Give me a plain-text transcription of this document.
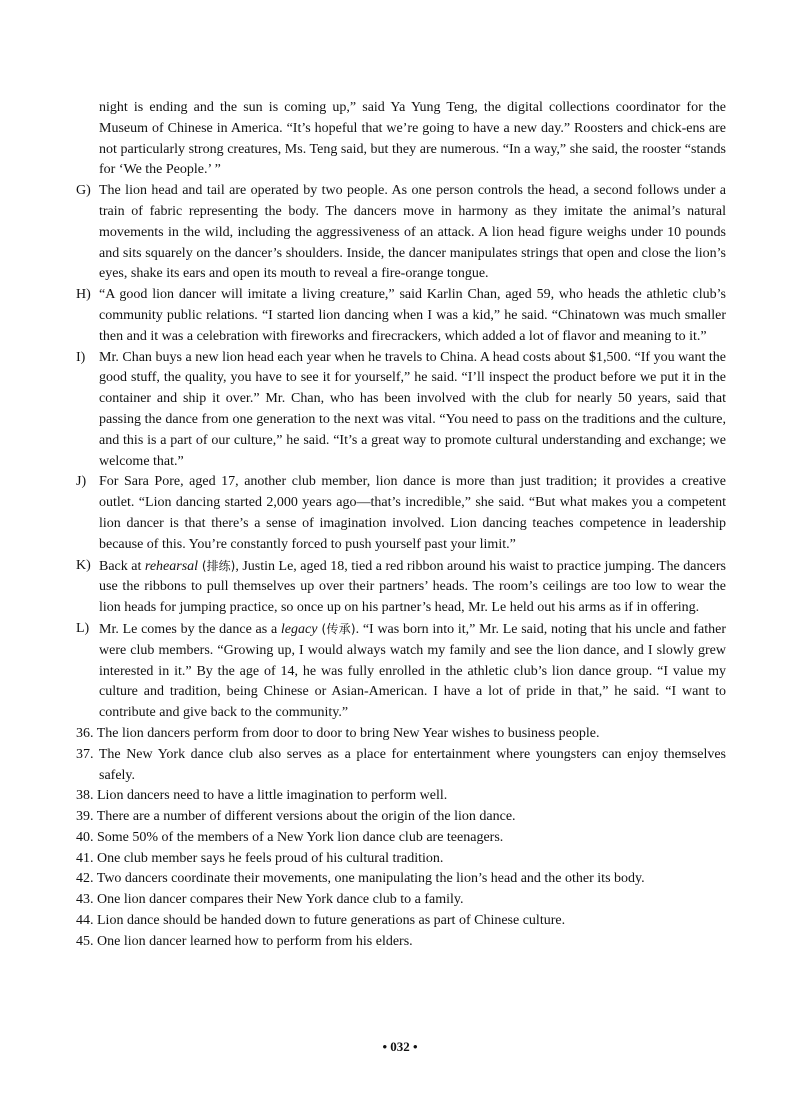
night is ending and the sun is coming up,” said Ya Yung Teng, the digital collections coordinator for the Museum of Chinese in America. “It’s hopeful that we’re going to have a new day.” Roosters and chick-ens are not particularly strong creatures, Ms. Teng said, but they are numerous. “In a way,” she said, the rooster “stands for ‘We the People.’ ”

G) The lion head and tail are operated by two people. As one person controls the head, a second follows under a train of fabric representing the body. The dancers move in harmony as they imitate the animal’s natural movements in the wild, including the aggressiveness of an attack. A lion head figure weighs under 10 pounds and sits squarely on the dancer’s shoulders. Inside, the dancer manipulates strings that open and close the lion’s eyes, shake its ears and open its mouth to reveal a fire-orange tongue.
H) “A good lion dancer will imitate a living creature,” said Karlin Chan, aged 59, who heads the athletic club’s community public relations. “I started lion dancing when I was a kid,” he said. “Chinatown was much smaller then and it was a celebration with fireworks and firecrackers, which added a lot of flavor and meaning to it.”
I) Mr. Chan buys a new lion head each year when he travels to China. A head costs about $1,500. “If you want the good stuff, the quality, you have to see it for yourself,” he said. “I’ll inspect the product before we put it in the container and ship it over.” Mr. Chan, who has been involved with the club for nearly 50 years, said that passing the dance from one generation to the next was vital. “You need to pass on the traditions and the culture, and this is a part of our culture,” he said. “It’s a great way to promote cultural understanding and exchange; we welcome that.”
J) For Sara Pore, aged 17, another club member, lion dance is more than just tradition; it provides a creative outlet. “Lion dancing started 2,000 years ago—that’s incredible,” she said. “But what makes you a competent lion dancer is that there’s a sense of imagination involved. Lion dancing teaches competence in leadership because of this. You’re constantly forced to push yourself past your limit.”
K) Back at rehearsal (排练), Justin Le, aged 18, tied a red ribbon around his waist to practice jumping. The dancers use the ribbons to pull themselves up over their partners’ heads. The room’s ceilings are too low to wear the lion heads for jumping practice, so once up on his partner’s head, Mr. Le held out his arms as if in offering.
L) Mr. Le comes by the dance as a legacy (传承). “I was born into it,” Mr. Le said, noting that his uncle and father were club members. “Growing up, I would always watch my family and see the lion dance, and I slowly grew interested in it.” By the age of 14, he was fully enrolled in the athletic club’s lion dance group. “I value my culture and tradition, being Chinese or Asian-American. I have a lot of pride in that,” he said. “I want to contribute and give back to the community.”

36. The lion dancers perform from door to door to bring New Year wishes to business people.

37. The New York dance club also serves as a place for entertainment where youngsters can enjoy themselves safely.

38. Lion dancers need to have a little imagination to perform well.

39. There are a number of different versions about the origin of the lion dance.

40. Some 50% of the members of a New York lion dance club are teenagers.

41. One club member says he feels proud of his cultural tradition.

42. Two dancers coordinate their movements, one manipulating the lion’s head and the other its body.

43. One lion dancer compares their New York dance club to a family.

44. Lion dance should be handed down to future generations as part of Chinese culture.

45. One lion dancer learned how to perform from his elders.

• 032 •
